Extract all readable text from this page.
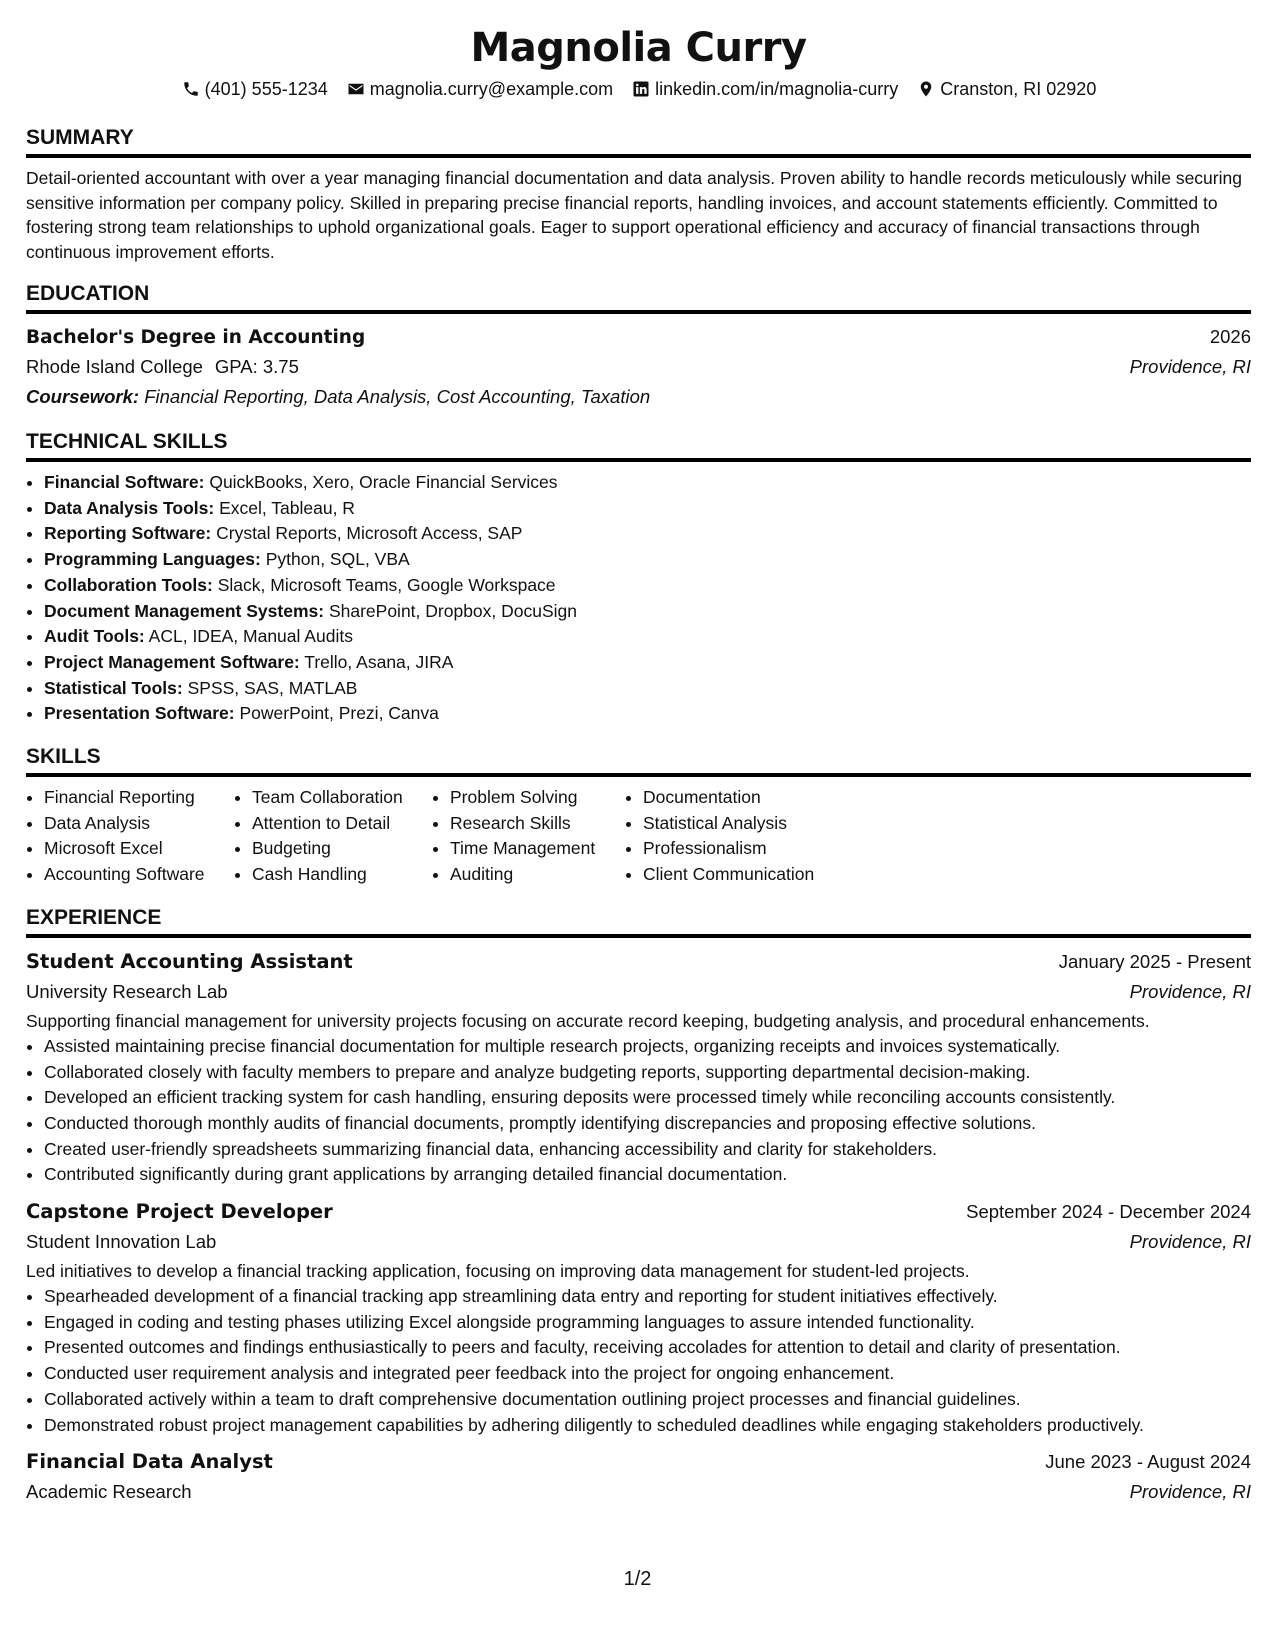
Magnolia Curry
(401) 555-1234 magnolia.curry@example.com linkedin.com/in/magnolia-curry Cranston, RI 02920
SUMMARY

Detail-oriented accountant with over a year managing financial documentation and data analysis. Proven ability to handle records meticulously while securing sensitive information per company policy. Skilled in preparing precise financial reports, handling invoices, and account statements efficiently. Committed to fostering strong team relationships to uphold organizational goals. Eager to support operational efficiency and accuracy of financial transactions through continuous improvement efforts.

EDUCATION
Bachelor's Degree in Accounting	2026
Rhode Island College GPA: 3.75	Providence, RI
Coursework: Financial Reporting, Data Analysis, Cost Accounting, Taxation
TECHNICAL SKILLS
• Financial Software: QuickBooks, Xero, Oracle Financial Services
• Data Analysis Tools: Excel, Tableau, R
• Reporting Software: Crystal Reports, Microsoft Access, SAP
• Programming Languages: Python, SQL, VBA
• Collaboration Tools: Slack, Microsoft Teams, Google Workspace
• Document Management Systems: SharePoint, Dropbox, DocuSign
• Audit Tools: ACL, IDEA, Manual Audits
• Project Management Software: Trello, Asana, JIRA
• Statistical Tools: SPSS, SAS, MATLAB
• Presentation Software: PowerPoint, Prezi, Canva
SKILLS
• Financial Reporting
• Data Analysis
• Microsoft Excel
• Accounting Software
• Team Collaboration
• Attention to Detail
• Budgeting
• Cash Handling
• Problem Solving
• Research Skills
• Time Management
• Auditing
• Documentation
• Statistical Analysis
• Professionalism
• Client Communication
EXPERIENCE
Student Accounting Assistant	January 2025 - Present
University Research Lab	Providence, RI
Supporting financial management for university projects focusing on accurate record keeping, budgeting analysis, and procedural enhancements.
• Assisted maintaining precise financial documentation for multiple research projects, organizing receipts and invoices systematically.
• Collaborated closely with faculty members to prepare and analyze budgeting reports, supporting departmental decision-making.
• Developed an efficient tracking system for cash handling, ensuring deposits were processed timely while reconciling accounts consistently.
• Conducted thorough monthly audits of financial documents, promptly identifying discrepancies and proposing effective solutions.
• Created user-friendly spreadsheets summarizing financial data, enhancing accessibility and clarity for stakeholders.
• Contributed significantly during grant applications by arranging detailed financial documentation.
Capstone Project Developer	September 2024 - December 2024
Student Innovation Lab	Providence, RI
Led initiatives to develop a financial tracking application, focusing on improving data management for student-led projects.
• Spearheaded development of a financial tracking app streamlining data entry and reporting for student initiatives effectively.
• Engaged in coding and testing phases utilizing Excel alongside programming languages to assure intended functionality.
• Presented outcomes and findings enthusiastically to peers and faculty, receiving accolades for attention to detail and clarity of presentation.
• Conducted user requirement analysis and integrated peer feedback into the project for ongoing enhancement.
• Collaborated actively within a team to draft comprehensive documentation outlining project processes and financial guidelines.
• Demonstrated robust project management capabilities by adhering diligently to scheduled deadlines while engaging stakeholders productively.
Financial Data Analyst	June 2023 - August 2024
Academic Research	Providence, RI
1/2
